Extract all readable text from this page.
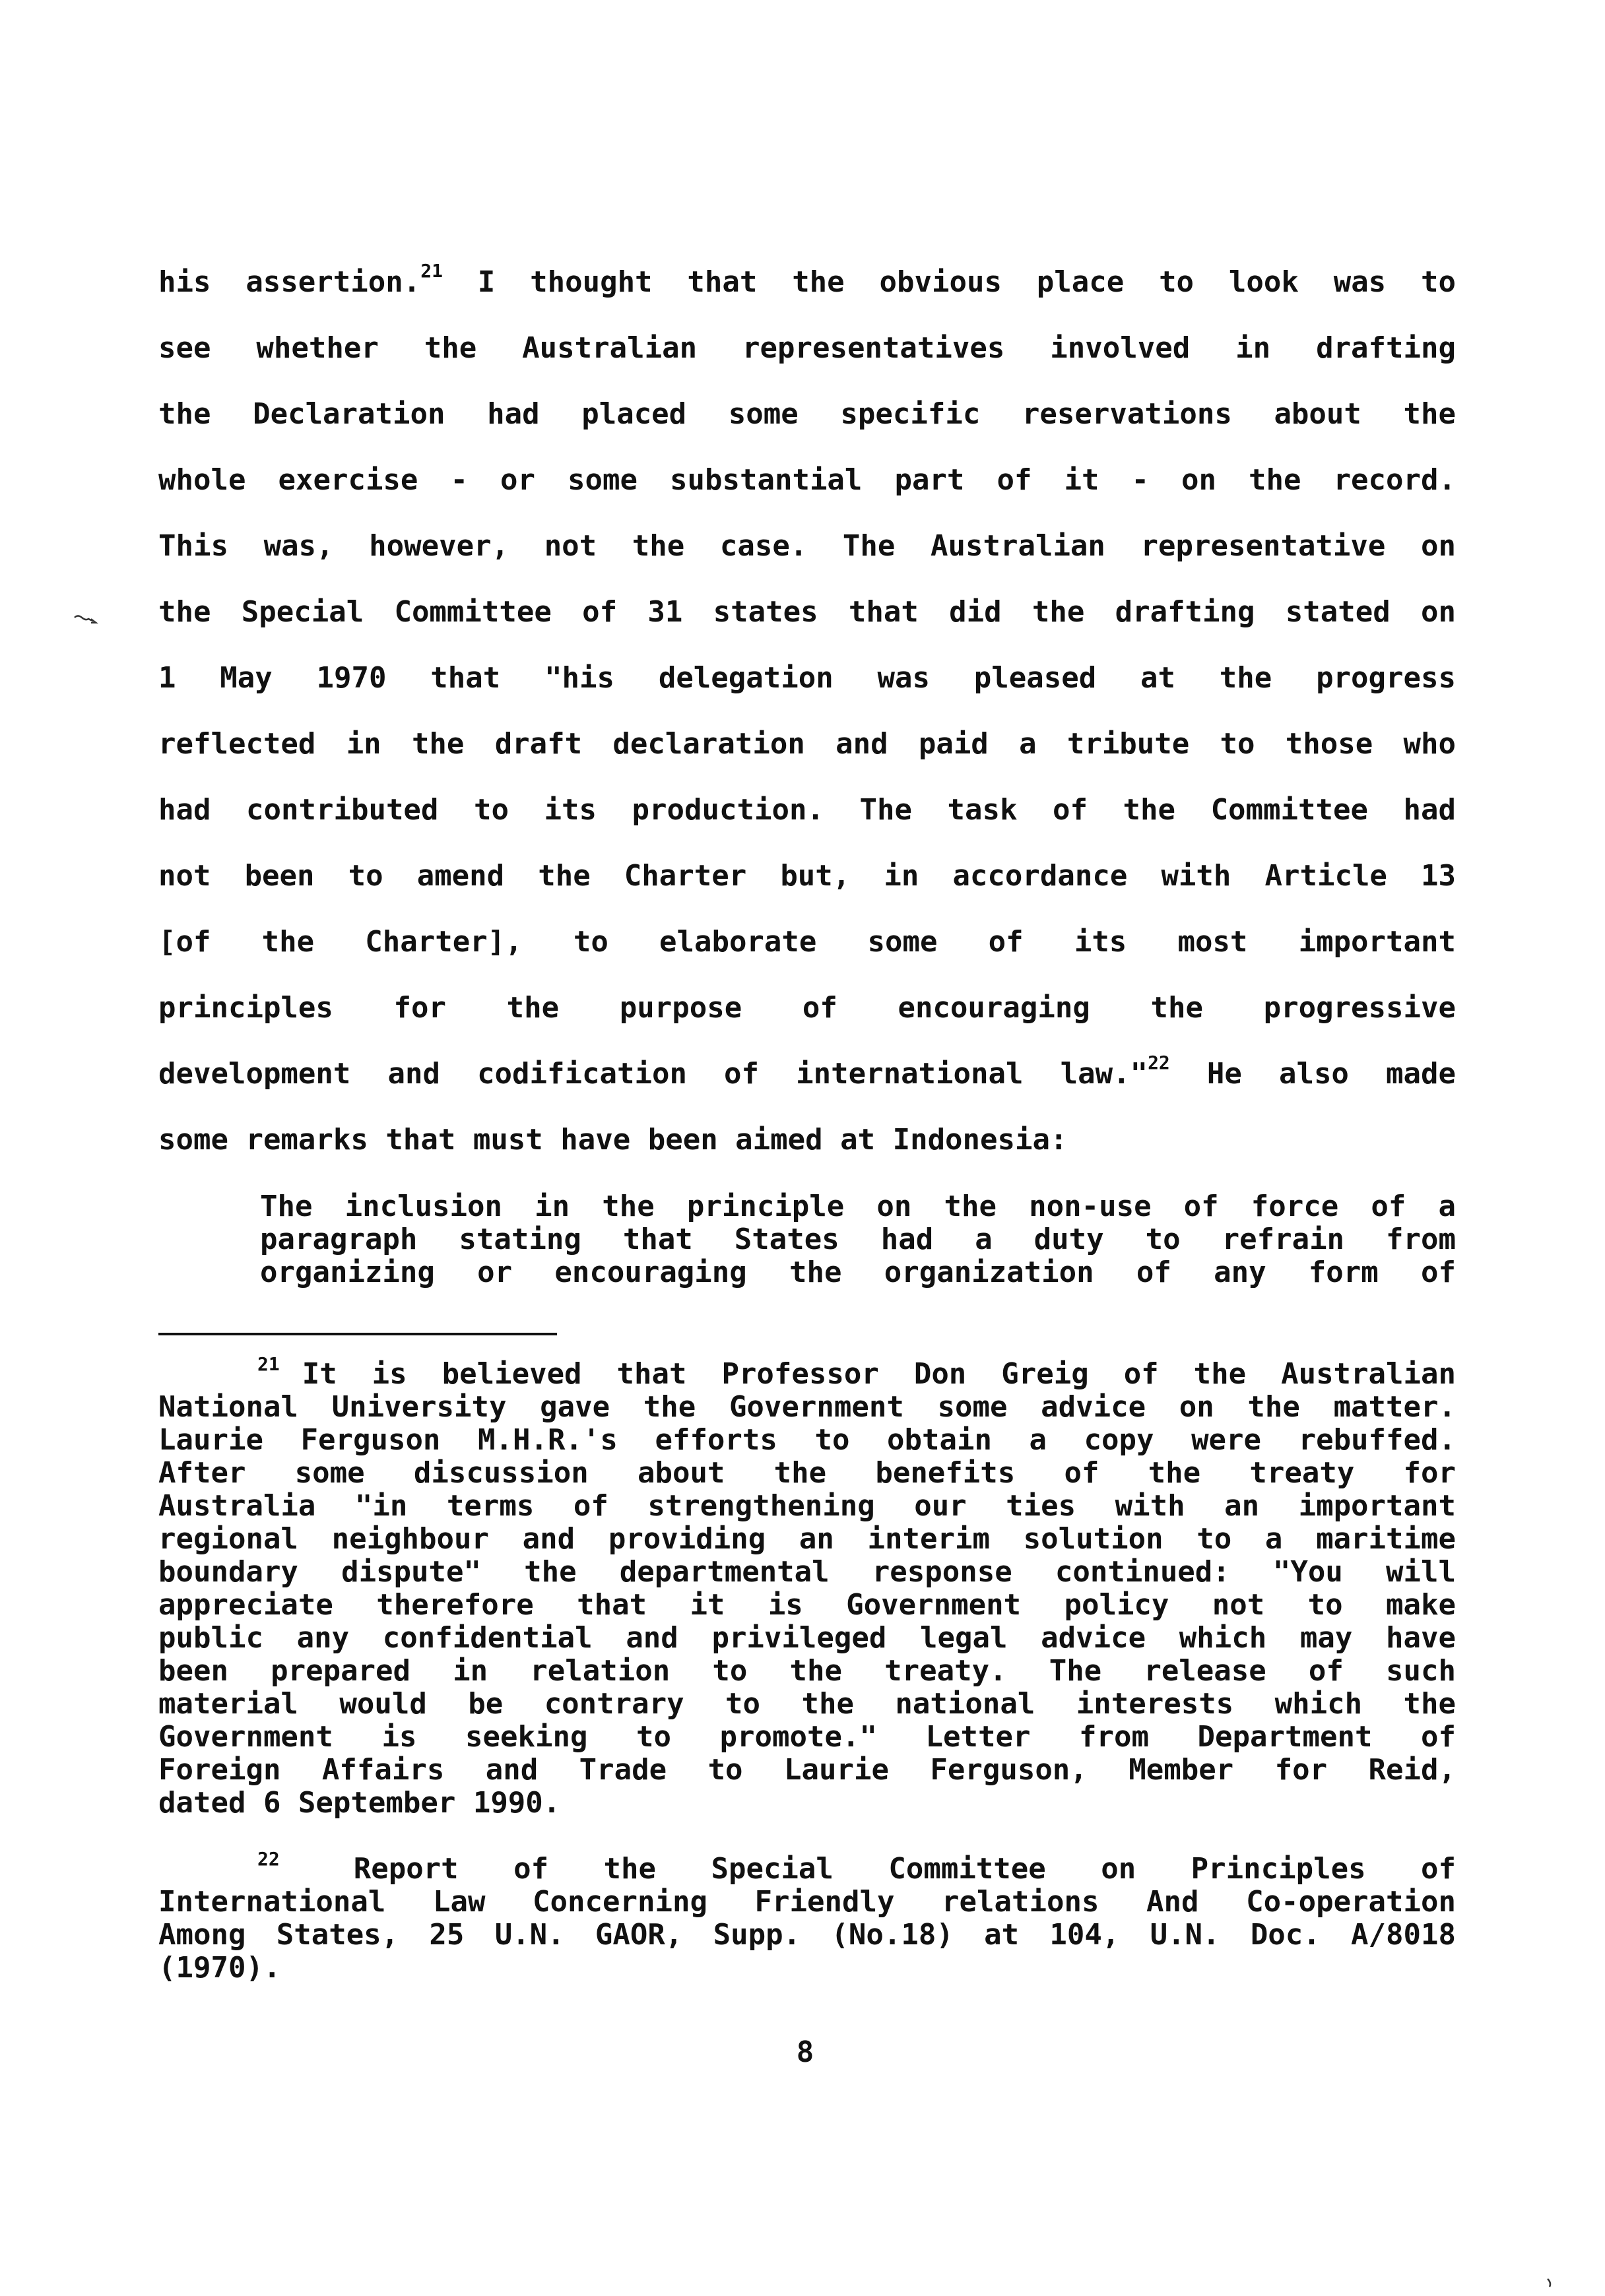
his assertion.$^{21}$ I thought that the obvious place to look was to
see whether the Australian representatives involved in drafting
the Declaration had placed some specific reservations about the
whole exercise - or some substantial part of it - on the record.
This was, however, not the case. The Australian representative on
the Special Committee of 31 states that did the drafting stated on
1 May 1970 that "his delegation was pleased at the progress
reflected in the draft declaration and paid a tribute to those who
had contributed to its production. The task of the Committee had
not been to amend the Charter but, in accordance with Article 13
[of the Charter], to elaborate some of its most important
principles for the purpose of encouraging the progressive
development and codification of international law."$^{22}$ He also made
some remarks that must have been aimed at Indonesia:
The inclusion in the principle on the non-use of force of a
paragraph stating that States had a duty to refrain from
organizing or encouraging the organization of any form of
$^{21}$ It is believed that Professor Don Greig of the Australian
National University gave the Government some advice on the matter.
Laurie Ferguson M.H.R.'s efforts to obtain a copy were rebuffed.
After some discussion about the benefits of the treaty for
Australia "in terms of strengthening our ties with an important
regional neighbour and providing an interim solution to a maritime
boundary dispute" the departmental response continued: "You will
appreciate therefore that it is Government policy not to make
public any confidential and privileged legal advice which may have
been prepared in relation to the treaty. The release of such
material would be contrary to the national interests which the
Government is seeking to promote." Letter from Department of
Foreign Affairs and Trade to Laurie Ferguson, Member for Reid,
dated 6 September 1990.
$^{22}$	Report of the Special Committee on Principles of
International Law Concerning Friendly relations And Co-operation
Among States, 25 U.N. GAOR, Supp. (No.18) at 104, U.N. Doc. A/8018
(1970).
8
